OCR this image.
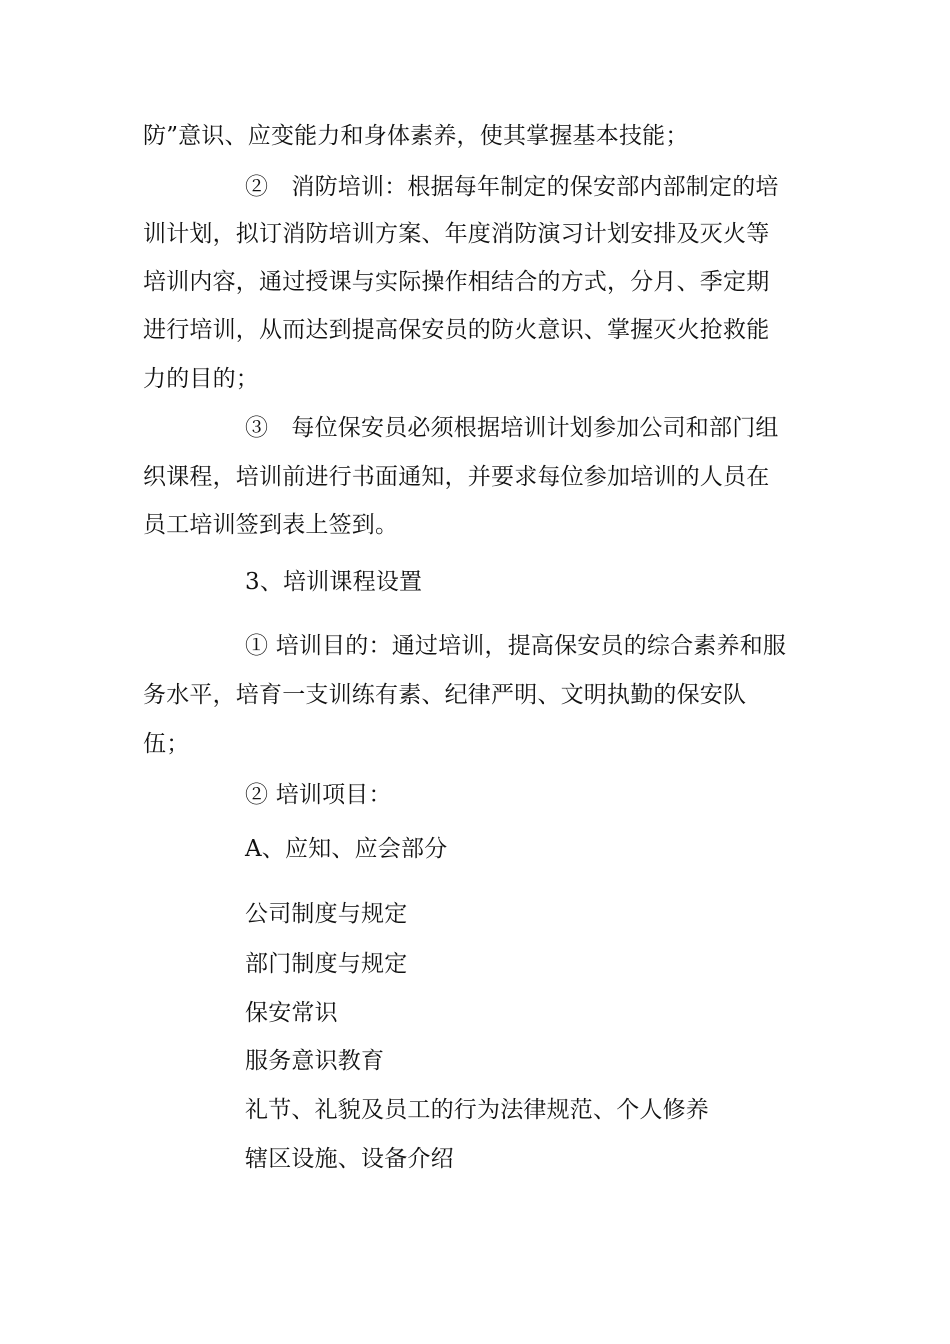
防”意识、应变能力和身体素养，使其掌握基本技能；
②　消防培训：根据每年制定的保安部内部制定的培
训计划，拟订消防培训方案、年度消防演习计划安排及灭火等
培训内容，通过授课与实际操作相结合的方式，分月、季定期
进行培训，从而达到提高保安员的防火意识、掌握灭火抢救能
力的目的；
③　每位保安员必须根据培训计划参加公司和部门组
织课程，培训前进行书面通知，并要求每位参加培训的人员在
员工培训签到表上签到。
3、培训课程设置
① 培训目的：通过培训，提高保安员的综合素养和服
务水平，培育一支训练有素、纪律严明、文明执勤的保安队
伍；
② 培训项目：
A、应知、应会部分
公司制度与规定
部门制度与规定
保安常识
服务意识教育
礼节、礼貌及员工的行为法律规范、个人修养
辖区设施、设备介绍
